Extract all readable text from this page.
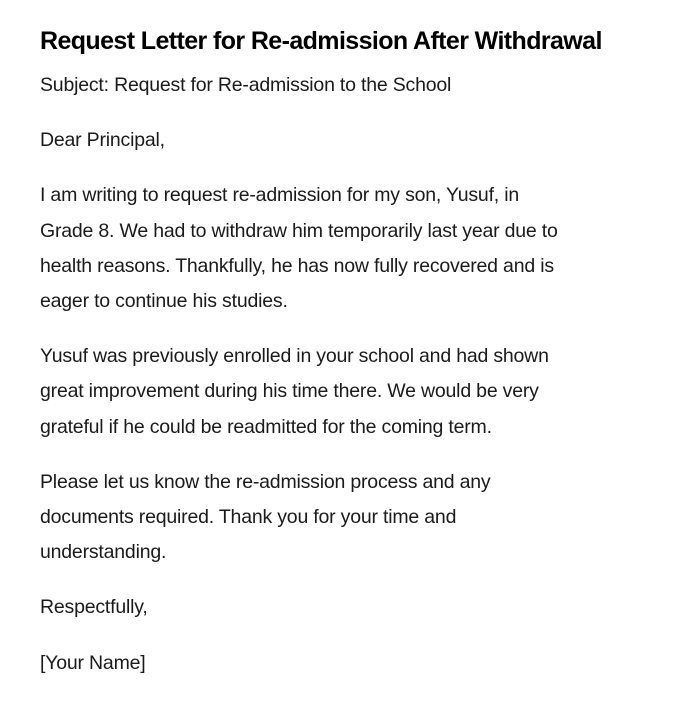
Request Letter for Re-admission After Withdrawal

Subject: Request for Re-admission to the School

Dear Principal,

I am writing to request re-admission for my son, Yusuf, in
Grade 8. We had to withdraw him temporarily last year due to
health reasons. Thankfully, he has now fully recovered and is
eager to continue his studies.

Yusuf was previously enrolled in your school and had shown
great improvement during his time there. We would be very
grateful if he could be readmitted for the coming term.

Please let us know the re-admission process and any
documents required. Thank you for your time and
understanding.

Respectfully,

[Your Name]
